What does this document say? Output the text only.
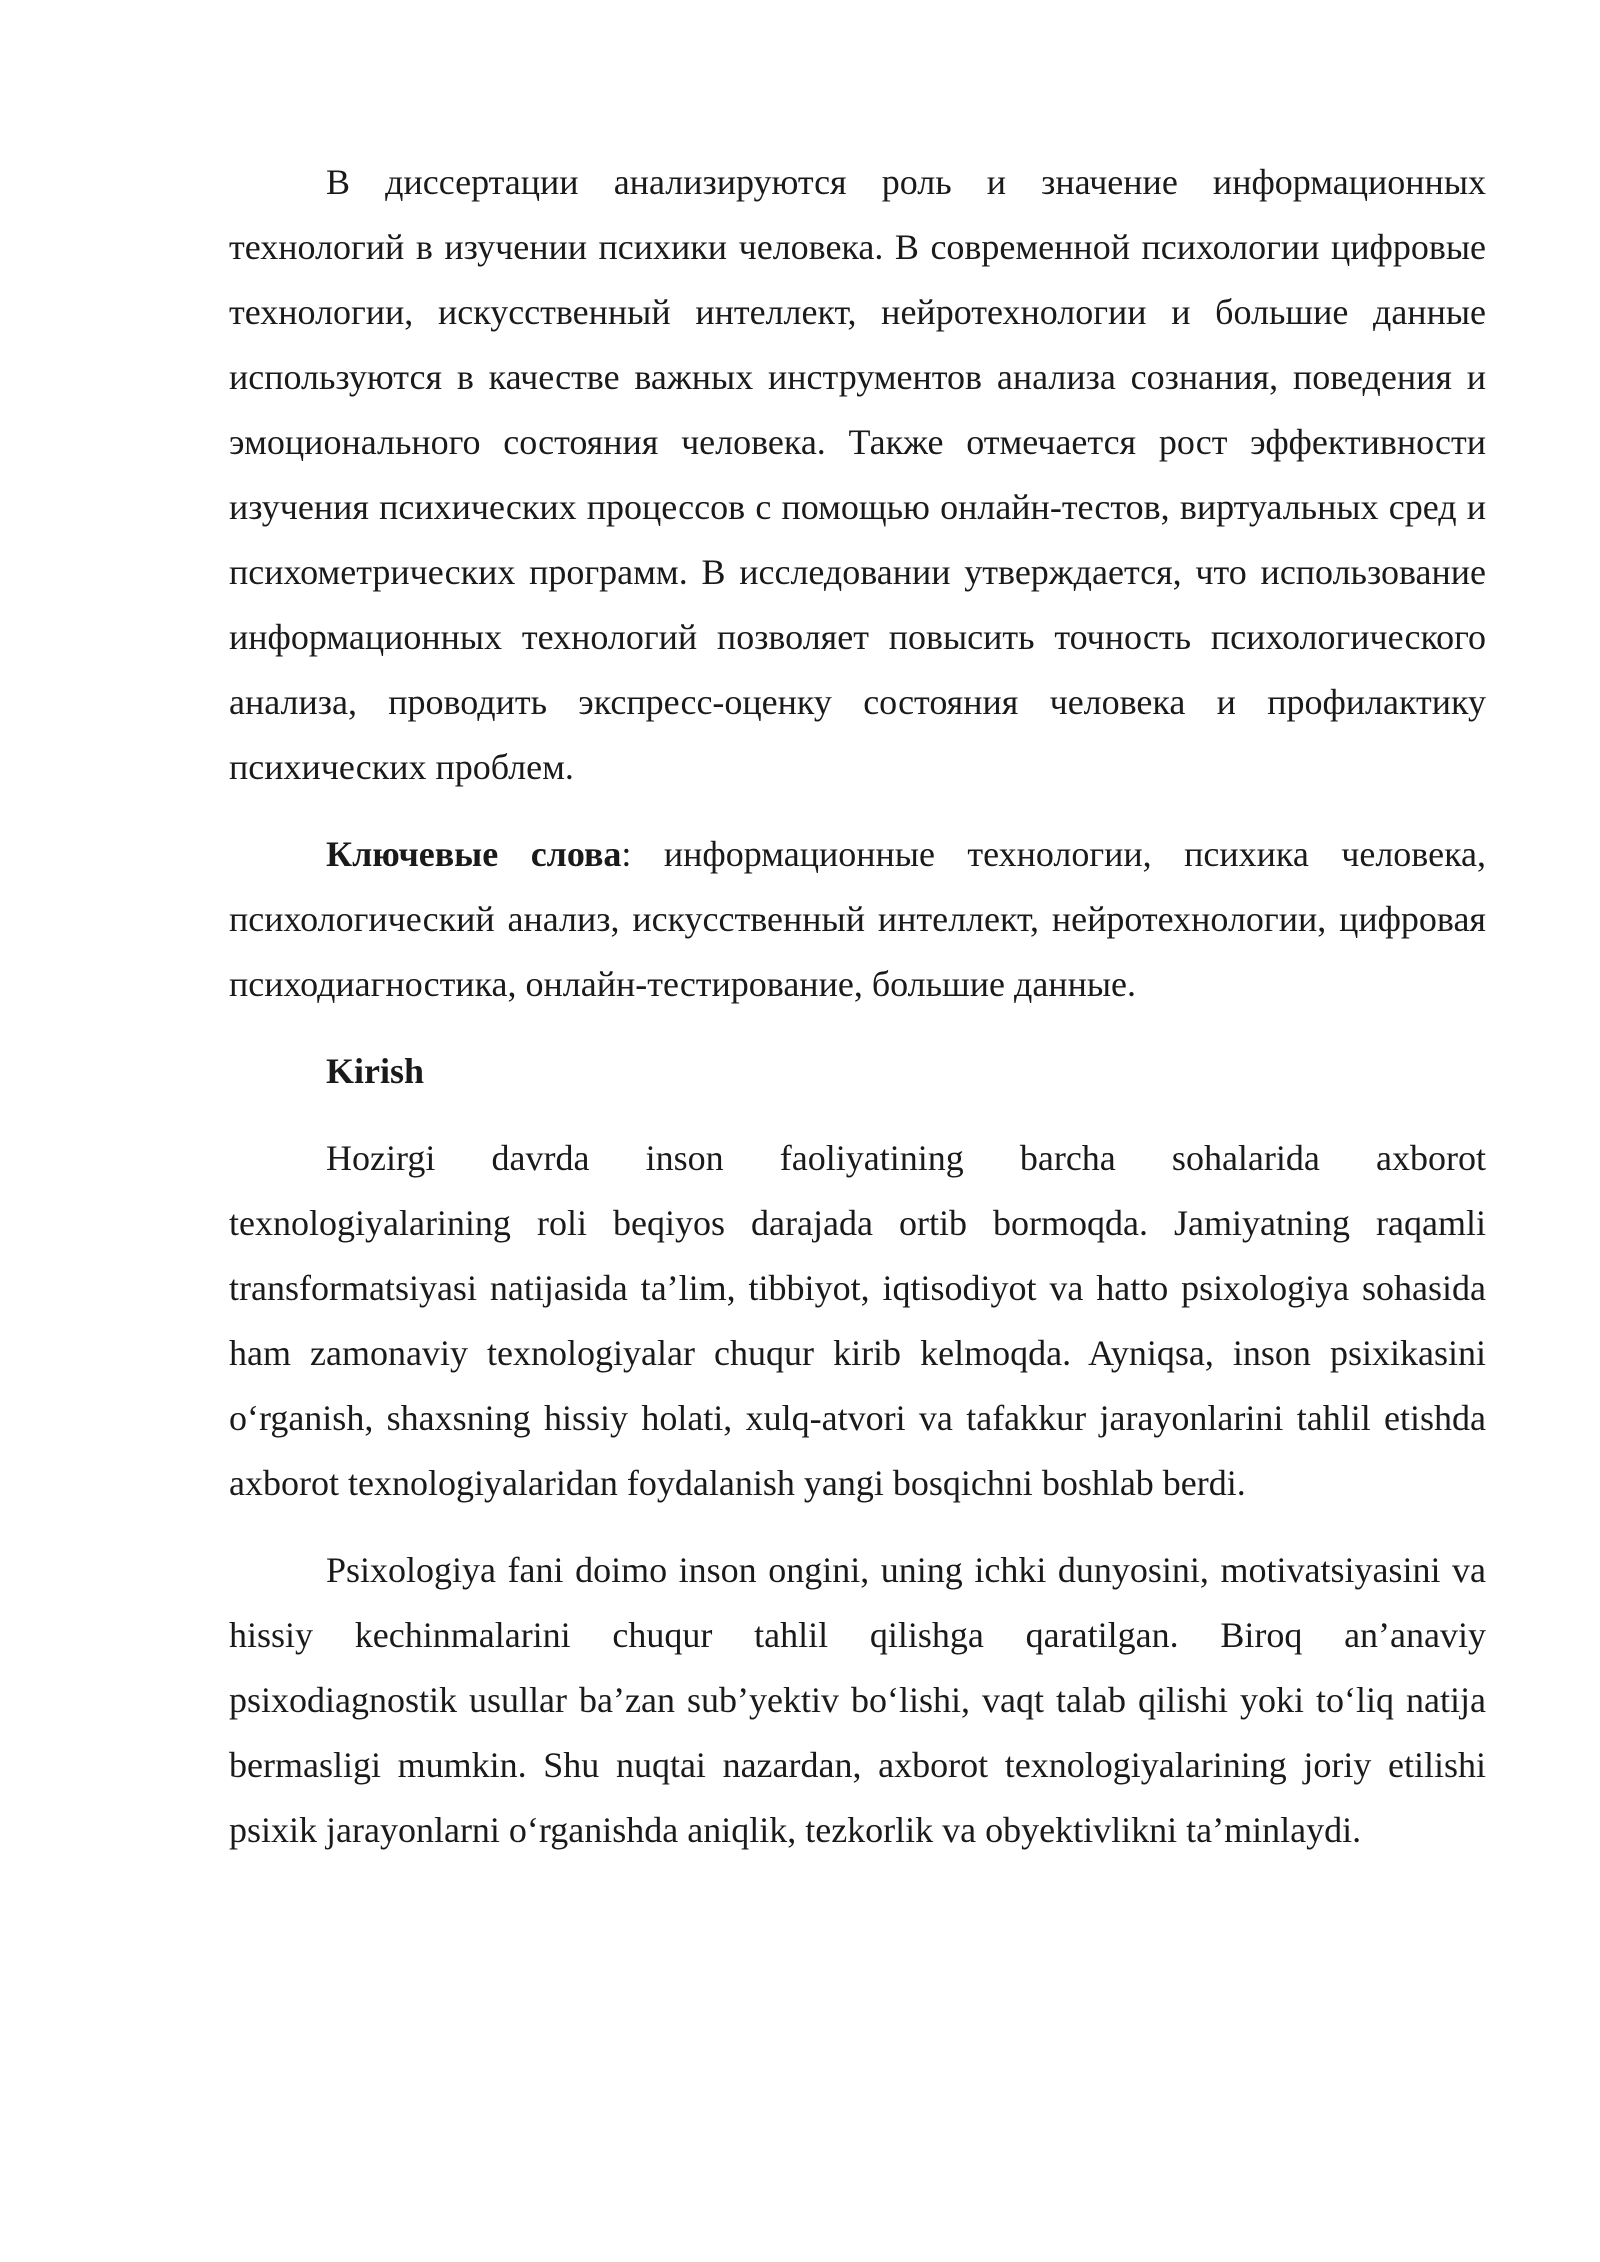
В диссертации анализируются роль и значение информационных технологий в изучении психики человека. В современной психологии цифровые технологии, искусственный интеллект, нейротехнологии и большие данные используются в качестве важных инструментов анализа сознания, поведения и эмоционального состояния человека. Также отмечается рост эффективности изучения психических процессов с помощью онлайн-тестов, виртуальных сред и психометрических программ. В исследовании утверждается, что использование информационных технологий позволяет повысить точность психологического анализа, проводить экспресс-оценку состояния человека и профилактику психических проблем.

Ключевые слова: информационные технологии, психика человека, психологический анализ, искусственный интеллект, нейротехнологии, цифровая психодиагностика, онлайн-тестирование, большие данные.

Kirish

Hozirgi davrda inson faoliyatining barcha sohalarida axborot texnologiyalarining roli beqiyos darajada ortib bormoqda. Jamiyatning raqamli transformatsiyasi natijasida ta’lim, tibbiyot, iqtisodiyot va hatto psixologiya sohasida ham zamonaviy texnologiyalar chuqur kirib kelmoqda. Ayniqsa, inson psixikasini o‘rganish, shaxsning hissiy holati, xulq-atvori va tafakkur jarayonlarini tahlil etishda axborot texnologiyalaridan foydalanish yangi bosqichni boshlab berdi.

Psixologiya fani doimo inson ongini, uning ichki dunyosini, motivatsiyasini va hissiy kechinmalarini chuqur tahlil qilishga qaratilgan. Biroq an’anaviy psixodiagnostik usullar ba’zan sub’yektiv bo‘lishi, vaqt talab qilishi yoki to‘liq natija bermasligi mumkin. Shu nuqtai nazardan, axborot texnologiyalarining joriy etilishi psixik jarayonlarni o‘rganishda aniqlik, tezkorlik va obyektivlikni ta’minlaydi.
